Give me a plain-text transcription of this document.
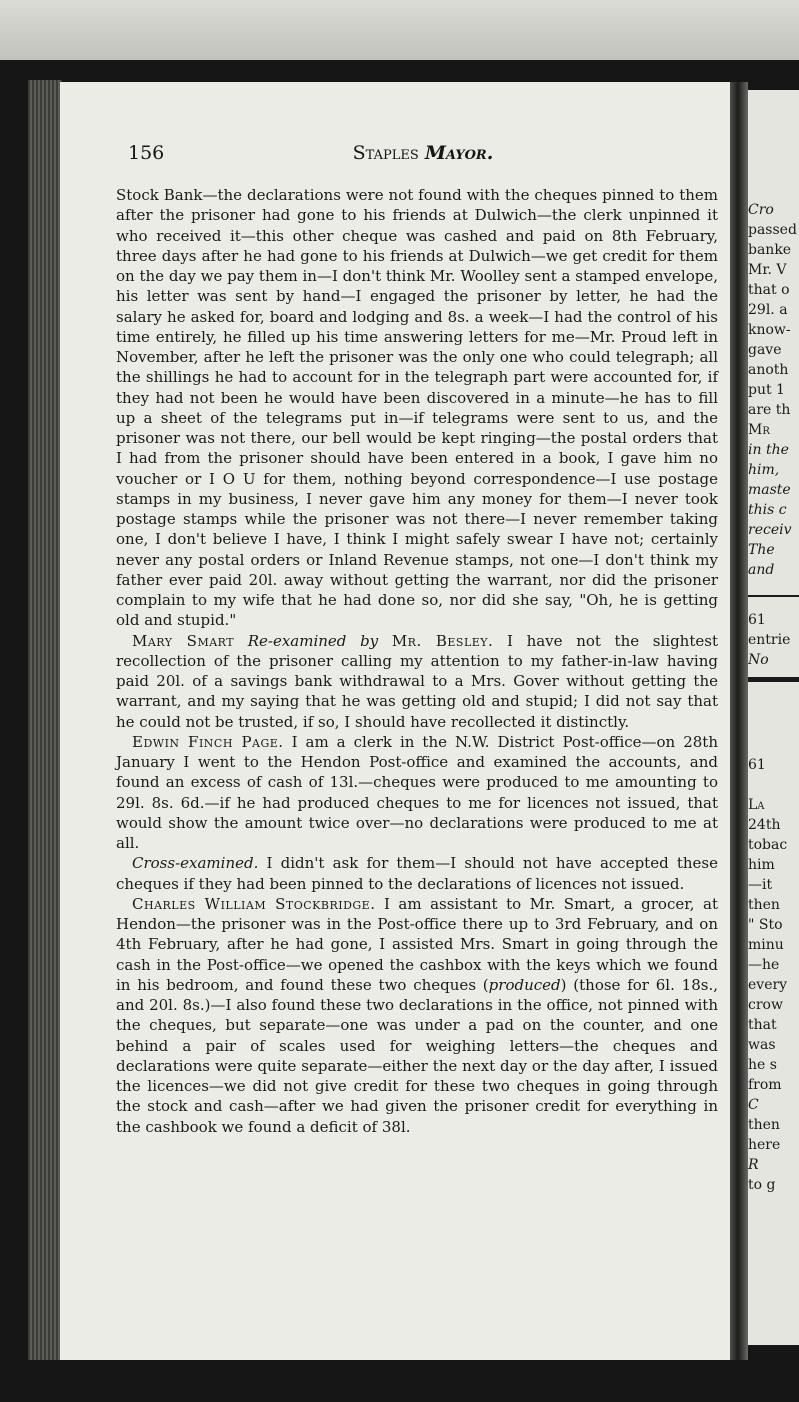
Cro
passed
banke
Mr. V
that o
29l. a
know-
gave
anoth
put 1
are th
Mr
in the
him,
maste
this c
receiv
The
and
61
entrie
No
61
La
24th
tobac
him
—it
then
" Sto
minu
—he
every
crow
that
was
he s
from
C
then
here
R
to g
156	Staples Mayor.

Stock Bank—the declarations were not found with the cheques pinned to them after the prisoner had gone to his friends at Dulwich—the clerk unpinned it who received it—this other cheque was cashed and paid on 8th February, three days after he had gone to his friends at Dulwich—we get credit for them on the day we pay them in—I don't think Mr. Woolley sent a stamped envelope, his letter was sent by hand—I engaged the prisoner by letter, he had the salary he asked for, board and lodging and 8s. a week—I had the control of his time entirely, he filled up his time answering letters for me—Mr. Proud left in November, after he left the prisoner was the only one who could telegraph; all the shillings he had to account for in the telegraph part were accounted for, if they had not been he would have been discovered in a minute—he has to fill up a sheet of the telegrams put in—if telegrams were sent to us, and the prisoner was not there, our bell would be kept ringing—the postal orders that I had from the prisoner should have been entered in a book, I gave him no voucher or I O U for them, nothing beyond correspondence—I use postage stamps in my business, I never gave him any money for them—I never took postage stamps while the prisoner was not there—I never remember taking one, I don't believe I have, I think I might safely swear I have not; certainly never any postal orders or Inland Revenue stamps, not one—I don't think my father ever paid 20l. away without getting the warrant, nor did the prisoner complain to my wife that he had done so, nor did she say, "Oh, he is getting old and stupid."

Mary Smart Re-examined by Mr. Besley. I have not the slightest recollection of the prisoner calling my attention to my father-in-law having paid 20l. of a savings bank withdrawal to a Mrs. Gover without getting the warrant, and my saying that he was getting old and stupid; I did not say that he could not be trusted, if so, I should have recollected it distinctly.

Edwin Finch Page. I am a clerk in the N.W. District Post-office—on 28th January I went to the Hendon Post-office and examined the accounts, and found an excess of cash of 13l.—cheques were produced to me amounting to 29l. 8s. 6d.—if he had produced cheques to me for licences not issued, that would show the amount twice over—no declarations were produced to me at all.

Cross-examined. I didn't ask for them—I should not have accepted these cheques if they had been pinned to the declarations of licences not issued.

Charles William Stockbridge. I am assistant to Mr. Smart, a grocer, at Hendon—the prisoner was in the Post-office there up to 3rd February, and on 4th February, after he had gone, I assisted Mrs. Smart in going through the cash in the Post-office—we opened the cashbox with the keys which we found in his bedroom, and found these two cheques (produced) (those for 6l. 18s., and 20l. 8s.)—I also found these two declarations in the office, not pinned with the cheques, but separate—one was under a pad on the counter, and one behind a pair of scales used for weighing letters—the cheques and declarations were quite separate—either the next day or the day after, I issued the licences—we did not give credit for these two cheques in going through the stock and cash—after we had given the prisoner credit for everything in the cashbook we found a deficit of 38l.
